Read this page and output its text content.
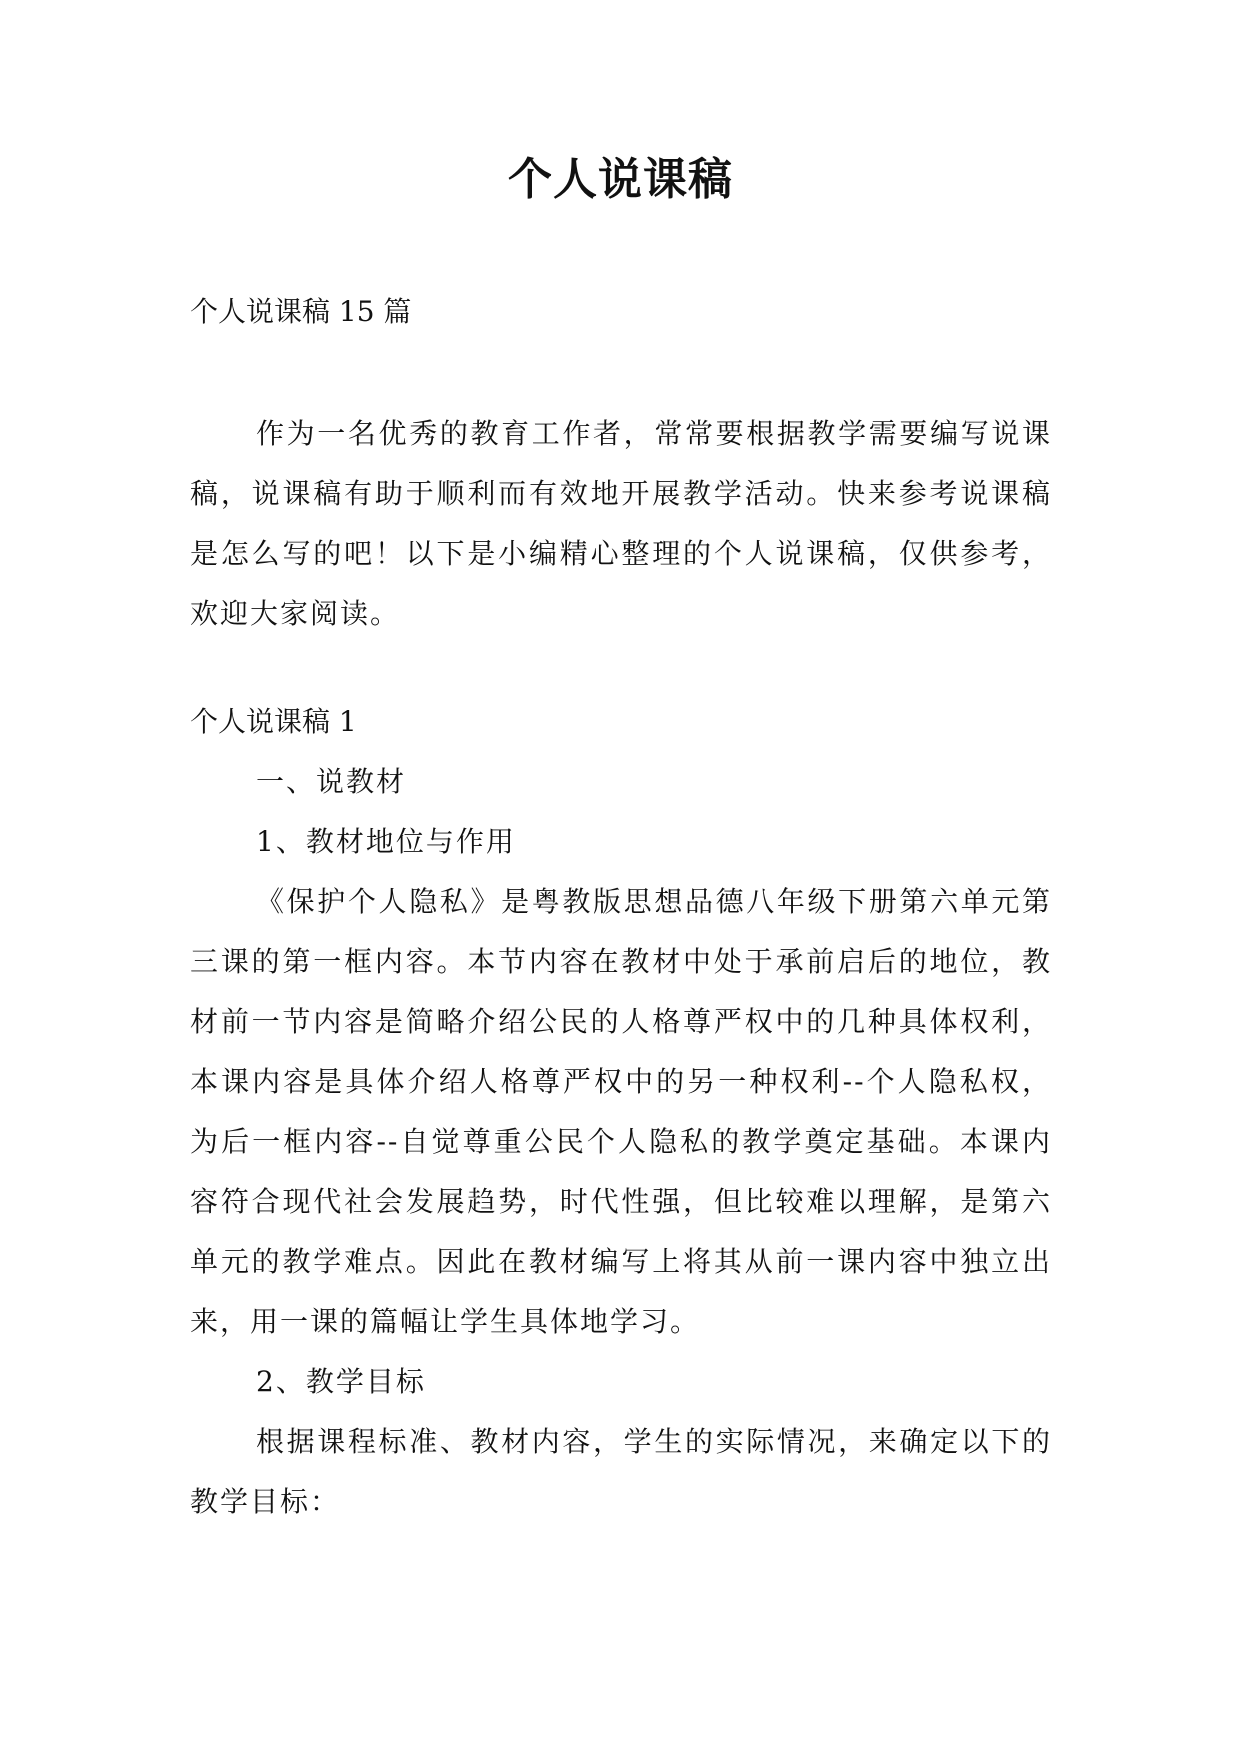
个人说课稿
个人说课稿 15 篇

作为一名优秀的教育工作者，常常要根据教学需要编写说课稿，说课稿有助于顺利而有效地开展教学活动。快来参考说课稿是怎么写的吧！以下是小编精心整理的个人说课稿，仅供参考，欢迎大家阅读。

个人说课稿 1

一、说教材

1、教材地位与作用

《保护个人隐私》是粤教版思想品德八年级下册第六单元第三课的第一框内容。本节内容在教材中处于承前启后的地位，教材前一节内容是简略介绍公民的人格尊严权中的几种具体权利，本课内容是具体介绍人格尊严权中的另一种权利--个人隐私权，为后一框内容--自觉尊重公民个人隐私的教学奠定基础。本课内容符合现代社会发展趋势，时代性强，但比较难以理解，是第六单元的教学难点。因此在教材编写上将其从前一课内容中独立出来，用一课的篇幅让学生具体地学习。

2、教学目标

根据课程标准、教材内容，学生的实际情况，来确定以下的教学目标：
